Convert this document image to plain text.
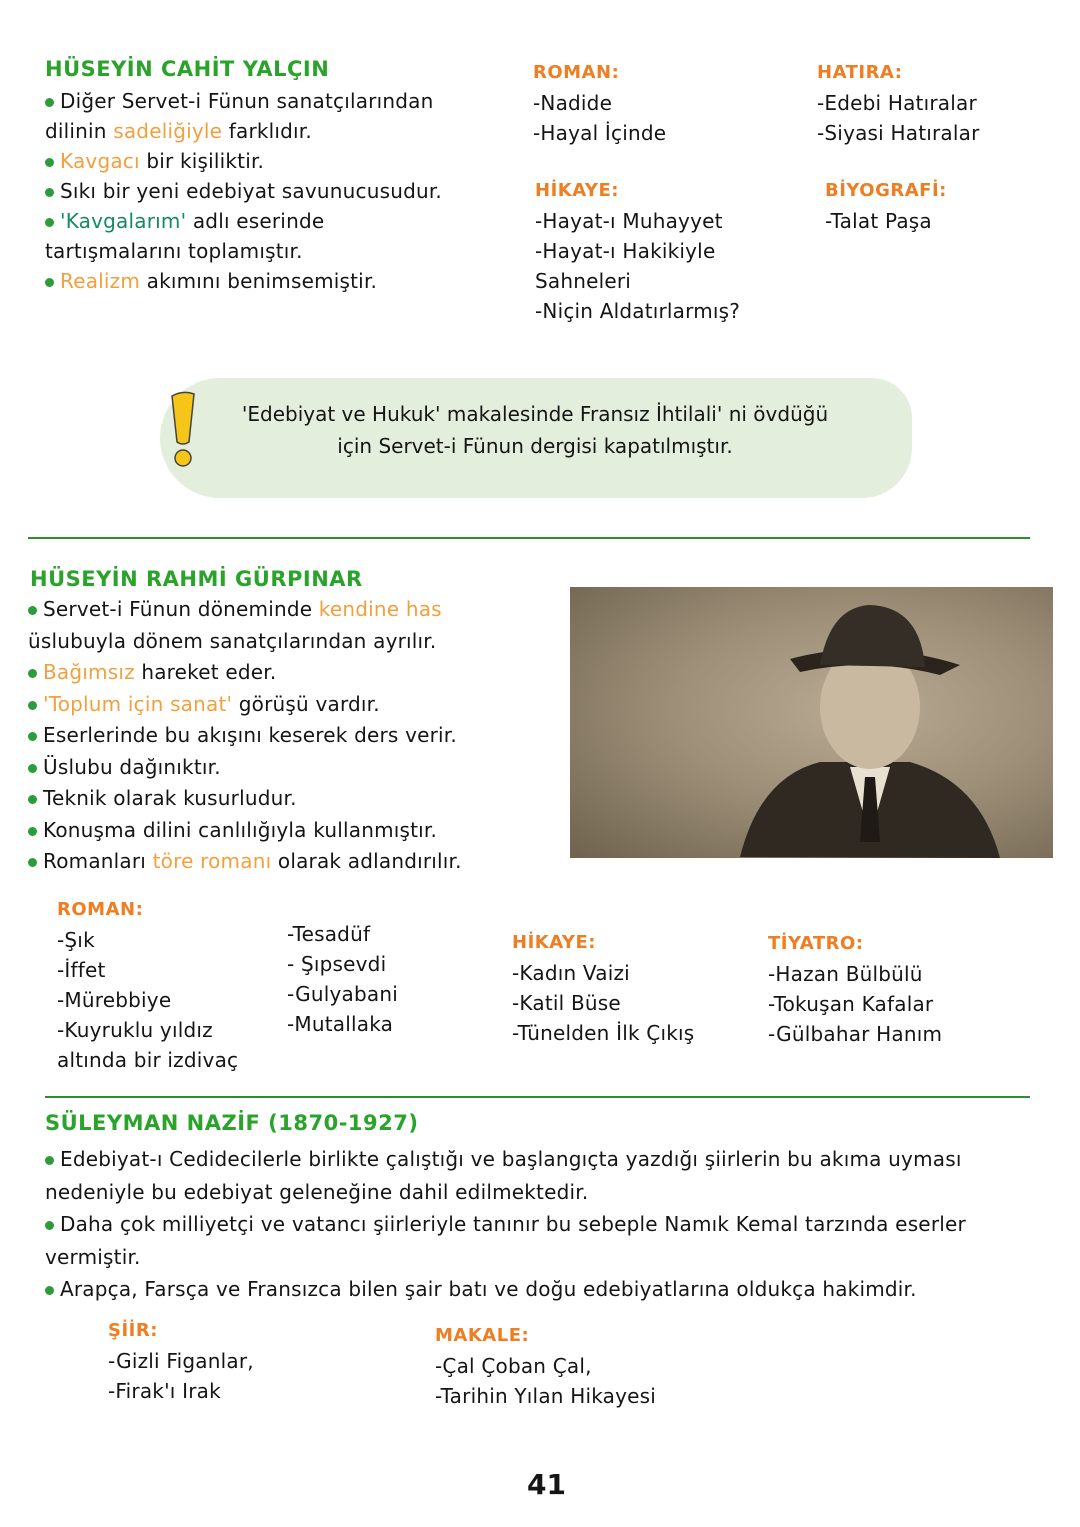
HÜSEYİN CAHİT YALÇIN
Diğer Servet-i Fünun sanatçılarından dilinin sadeliğiyle farklıdır.
Kavgacı bir kişiliktir.
Sıkı bir yeni edebiyat savunucusudur.
'Kavgalarım' adlı eserinde tartışmalarını toplamıştır.
Realizm akımını benimsemiştir.
ROMAN:
-Nadide
-Hayal İçinde
HİKAYE:
-Hayat-ı Muhayyet
-Hayat-ı Hakikiyle Sahneleri
-Niçin Aldatırlarmış?
HATIRA:
-Edebi Hatıralar
-Siyasi Hatıralar
BİYOGRAFİ:
-Talat Paşa
'Edebiyat ve Hukuk' makalesinde Fransız İhtilali' ni övdüğü
için Servet-i Fünun dergisi kapatılmıştır.
HÜSEYİN RAHMİ GÜRPINAR
Servet-i Fünun döneminde kendine has üslubuyla dönem sanatçılarından ayrılır.
Bağımsız hareket eder.
'Toplum için sanat' görüşü vardır.
Eserlerinde bu akışını keserek ders verir.
Üslubu dağınıktır.
Teknik olarak kusurludur.
Konuşma dilini canlılığıyla kullanmıştır.
Romanları töre romanı olarak adlandırılır.
ROMAN:
-Şık
-İffet
-Mürebbiye
-Kuyruklu yıldız altında bir izdivaç
-Tesadüf
- Şıpsevdi
-Gulyabani
-Mutallaka
HİKAYE:
-Kadın Vaizi
-Katil Büse
-Tünelden İlk Çıkış
TİYATRO:
-Hazan Bülbülü
-Tokuşan Kafalar
-Gülbahar Hanım
SÜLEYMAN NAZİF (1870-1927)
Edebiyat-ı Cedidecilerle birlikte çalıştığı ve başlangıçta yazdığı şiirlerin bu akıma uyması nedeniyle bu edebiyat geleneğine dahil edilmektedir.
Daha çok milliyetçi ve vatancı şiirleriyle tanınır bu sebeple Namık Kemal tarzında eserler vermiştir.
Arapça, Farsça ve Fransızca bilen şair batı ve doğu edebiyatlarına oldukça hakimdir.
ŞİİR:
-Gizli Figanlar,
-Firak'ı Irak
MAKALE:
-Çal Çoban Çal,
-Tarihin Yılan Hikayesi
41
